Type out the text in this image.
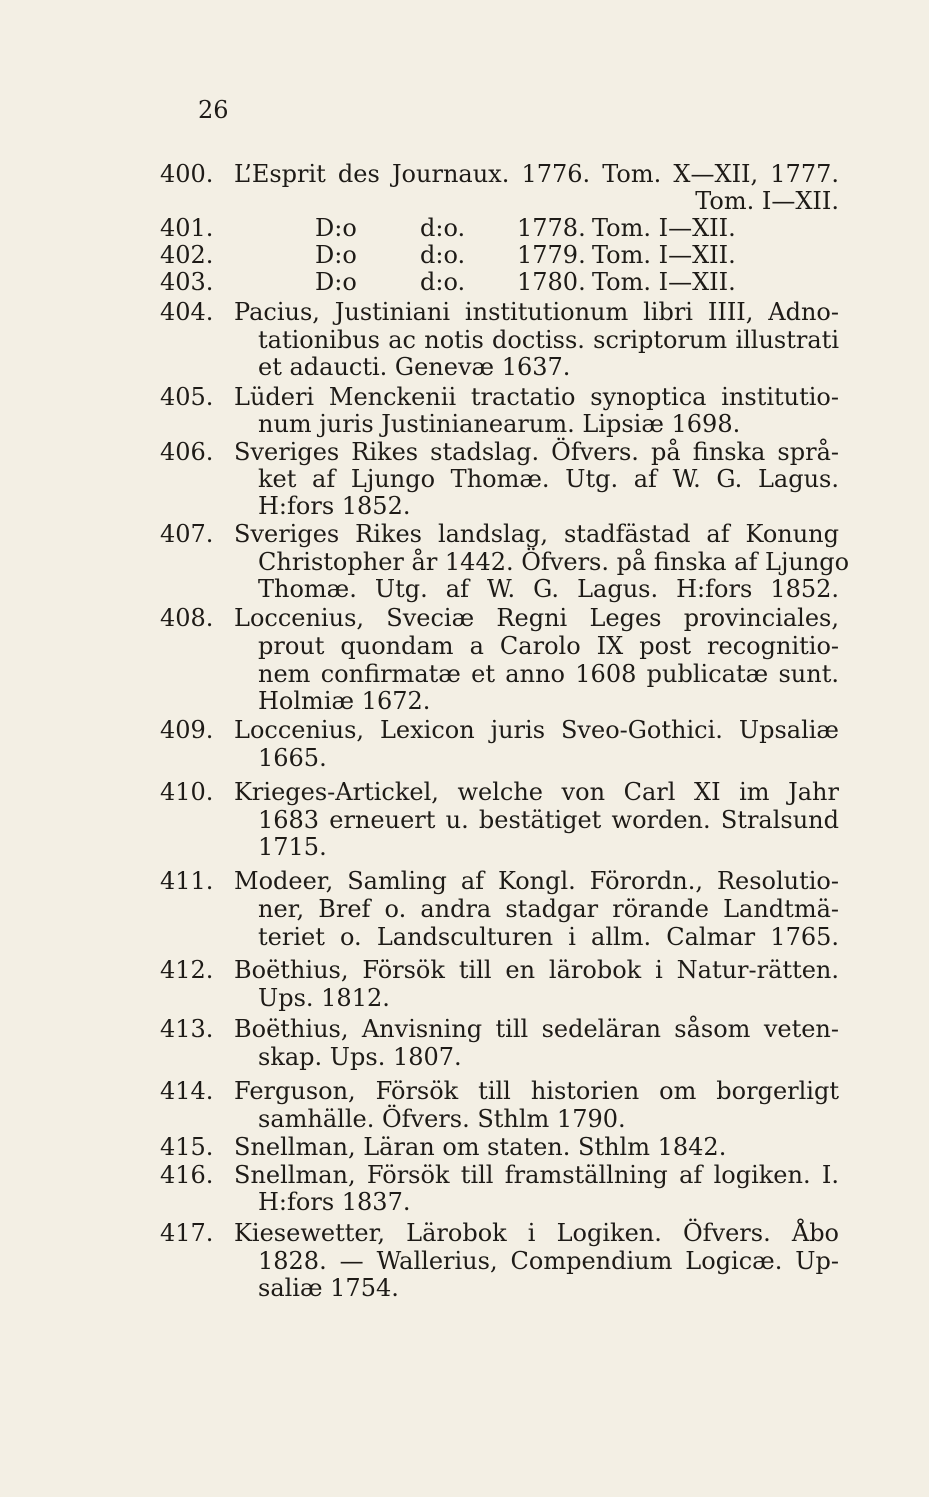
26
400. L’Esprit des Journaux. 1776. Tom. X—XII, 1777.
Tom. I—XII.
401.	D:o	d:o. 1778. Tom. I—XII.
402.	D:o	d:o. 1779. Tom. I—XII.
403.	D:o	d:o. 1780. Tom. I—XII.
404. Pacius, Justiniani institutionum libri IIII, Adno-
tationibus ac notis doctiss. scriptorum illustrati
et adaucti. Genevæ 1637.
405. Lüderi Menckenii tractatio synoptica institutio-
num juris Justinianearum. Lipsiæ 1698.
406. Sveriges Rikes stadslag. Öfvers. på finska språ-
ket af Ljungo Thomæ. Utg. af W. G. Lagus.
H:fors 1852.
407. Sveriges Rikes landslag, stadfästad af Konung
Christopher år 1442. Öfvers. på finska af Ljungo
Thomæ. Utg. af W. G. Lagus. H:fors 1852.
408. Loccenius, Sveciæ Regni Leges provinciales,
prout quondam a Carolo IX post recognitio-
nem confirmatæ et anno 1608 publicatæ sunt.
Holmiæ 1672.
409. Loccenius, Lexicon juris Sveo-Gothici. Upsaliæ
1665.
410. Krieges-Artickel, welche von Carl XI im Jahr
1683 erneuert u. bestätiget worden. Stralsund
1715.
411. Modeer, Samling af Kongl. Förordn., Resolutio-
ner, Bref o. andra stadgar rörande Landtmä-
teriet o. Landsculturen i allm. Calmar 1765.
412. Boëthius, Försök till en lärobok i Natur-rätten.
Ups. 1812.
413. Boëthius, Anvisning till sedeläran såsom veten-
skap. Ups. 1807.
414. Ferguson, Försök till historien om borgerligt
samhälle. Öfvers. Sthlm 1790.
415. Snellman, Läran om staten. Sthlm 1842.
416. Snellman, Försök till framställning af logiken. I.
H:fors 1837.
417. Kiesewetter, Lärobok i Logiken. Öfvers. Åbo
1828. — Wallerius, Compendium Logicæ. Up-
saliæ 1754.
